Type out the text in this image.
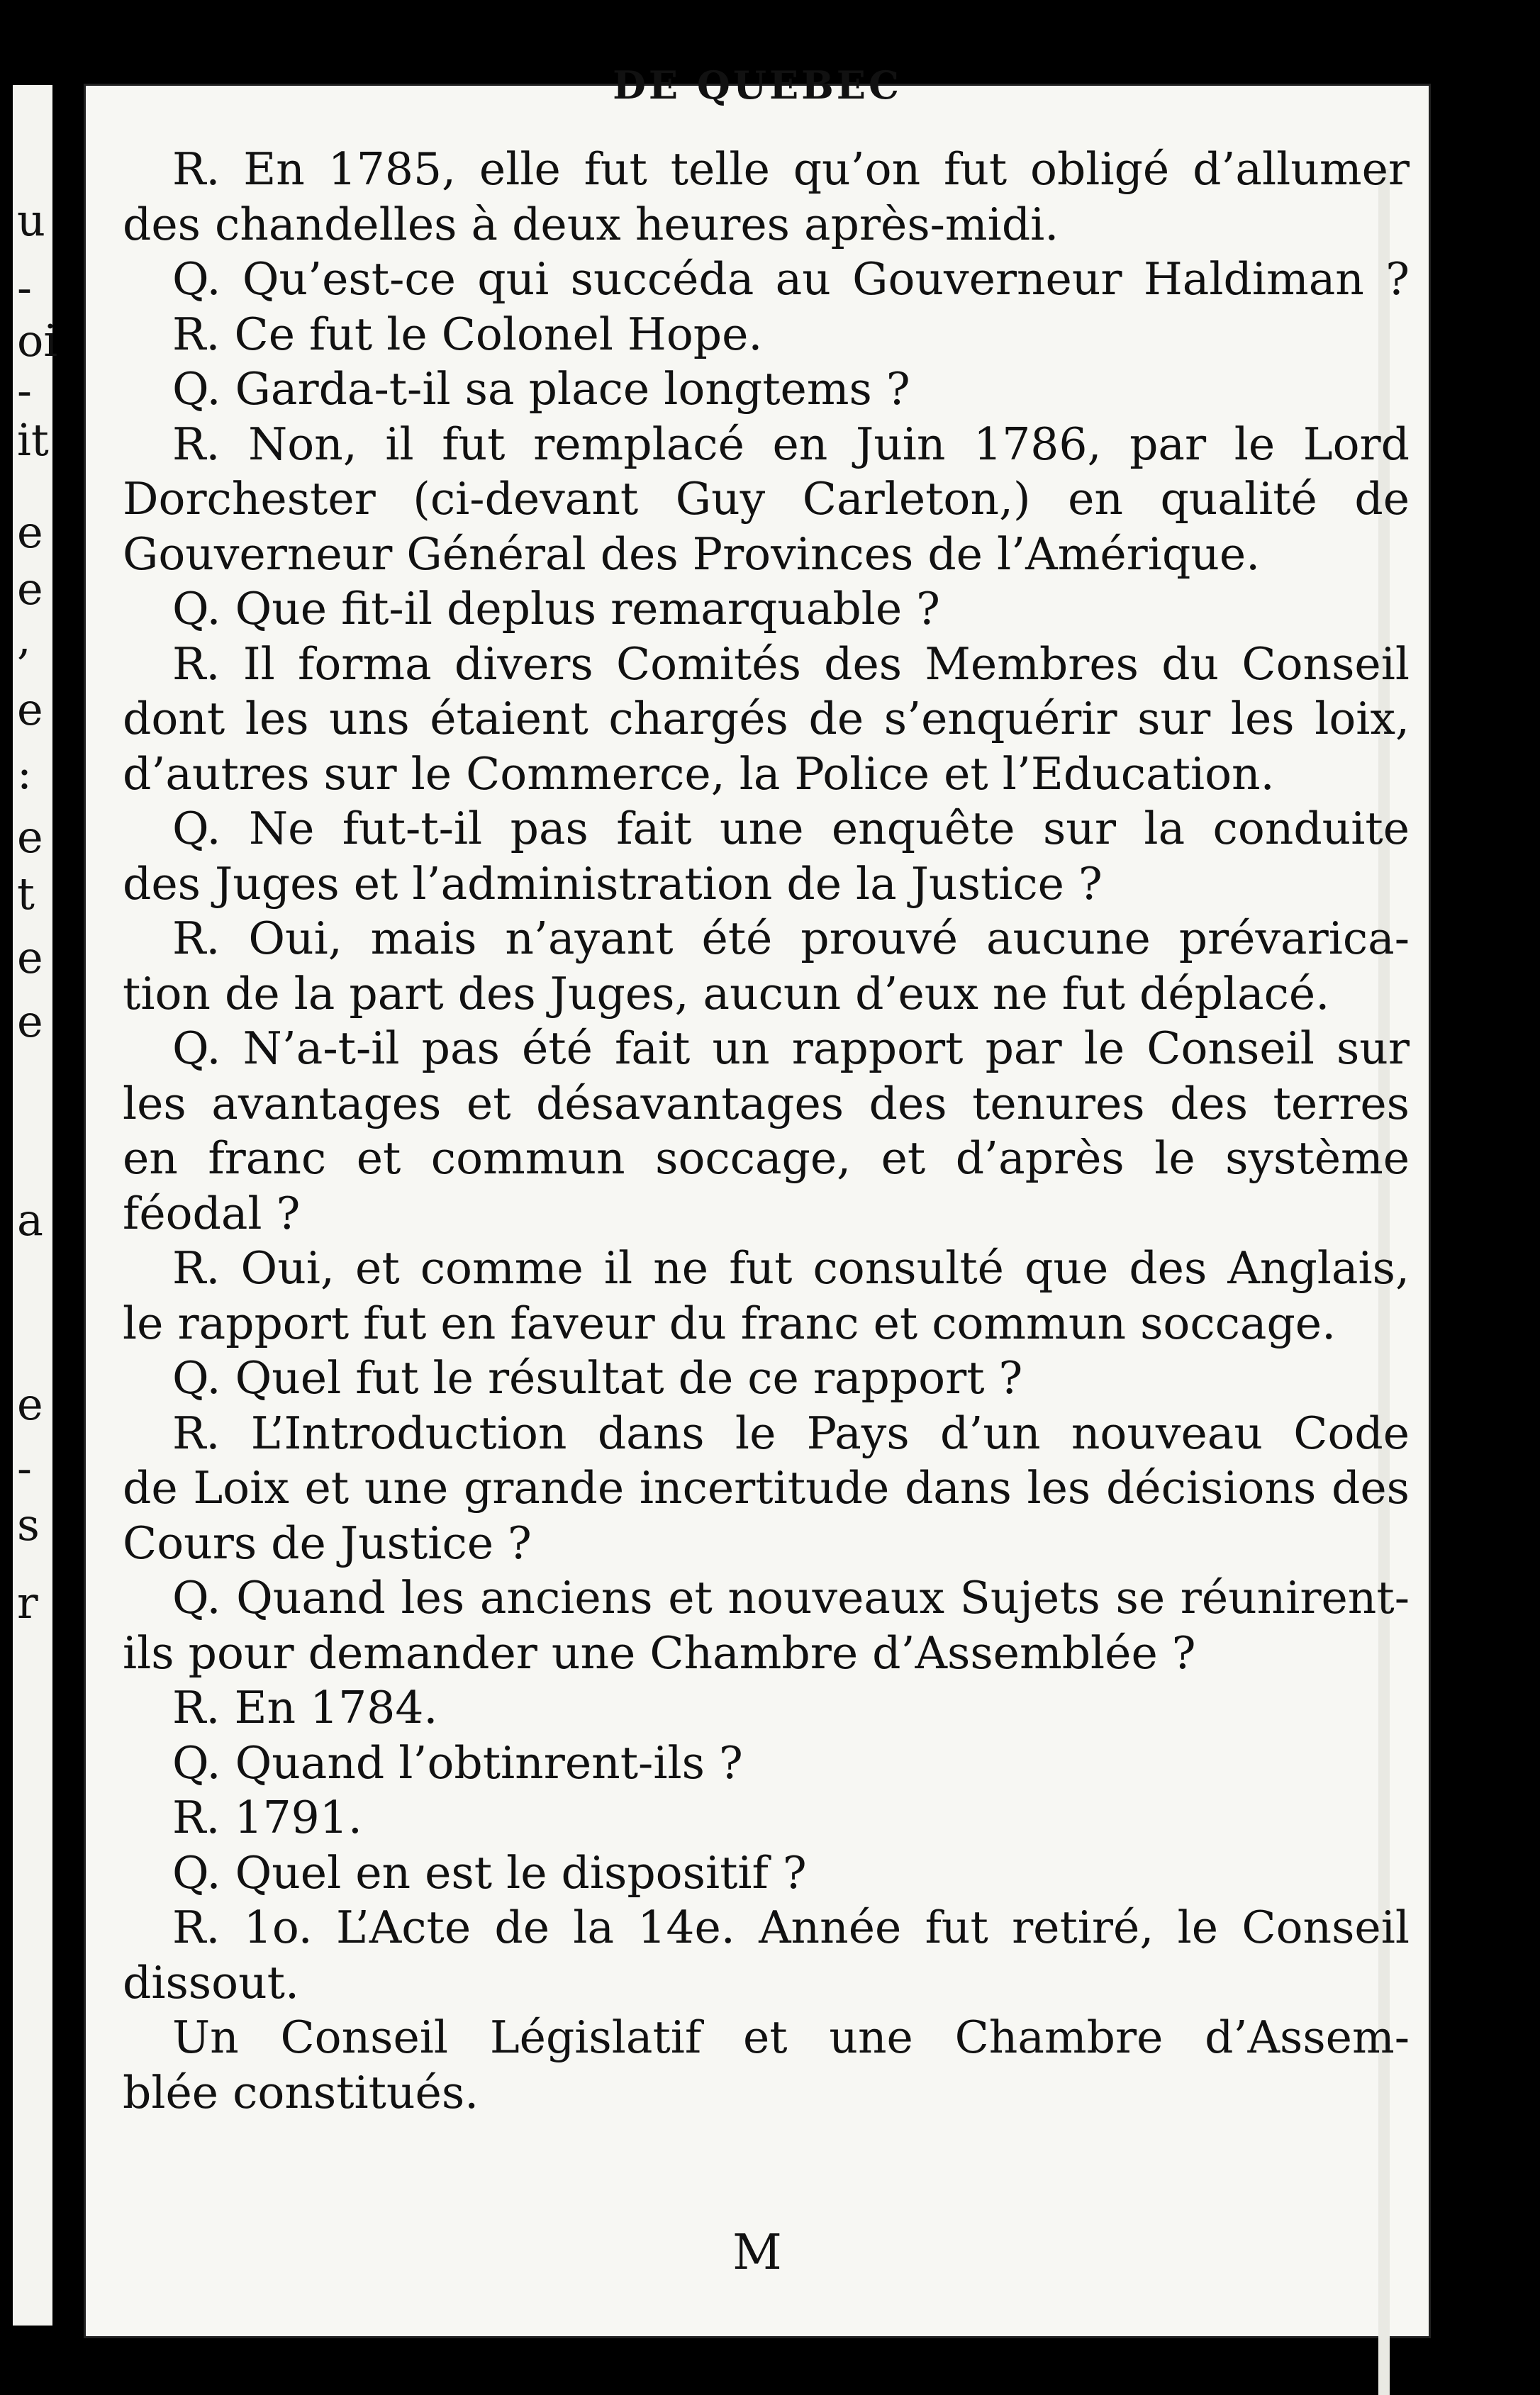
u
-
oi
-
it
e
e
,
e
:
e
t
e
e
a
e
-
s
r
DE QUEBEC
R. En 1785, elle fut telle qu’on fut obligé d’allumer
des chandelles à deux heures après-midi.
Q. Qu’est-ce qui succéda au Gouverneur Haldiman ?
R. Ce fut le Colonel Hope.
Q. Garda-t-il sa place longtems ?
R. Non, il fut remplacé en Juin 1786, par le Lord
Dorchester (ci-devant Guy Carleton,) en qualité de
Gouverneur Général des Provinces de l’Amérique.
Q. Que fit-il deplus remarquable ?
R. Il forma divers Comités des Membres du Conseil
dont les uns étaient chargés de s’enquérir sur les loix,
d’autres sur le Commerce, la Police et l’Education.
Q. Ne fut-t-il pas fait une enquête sur la conduite
des Juges et l’administration de la Justice ?
R. Oui, mais n’ayant été prouvé aucune prévarica-
tion de la part des Juges, aucun d’eux ne fut déplacé.
Q. N’a-t-il pas été fait un rapport par le Conseil sur
les avantages et désavantages des tenures des terres
en franc et commun soccage, et d’après le système
féodal ?
R. Oui, et comme il ne fut consulté que des Anglais,
le rapport fut en faveur du franc et commun soccage.
Q. Quel fut le résultat de ce rapport ?
R. L’Introduction dans le Pays d’un nouveau Code
de Loix et une grande incertitude dans les décisions des
Cours de Justice ?
Q. Quand les anciens et nouveaux Sujets se réunirent-
ils pour demander une Chambre d’Assemblée ?
R. En 1784.
Q. Quand l’obtinrent-ils ?
R. 1791.
Q. Quel en est le dispositif ?
R. 1o. L’Acte de la 14e. Année fut retiré, le Conseil
dissout.
Un Conseil Législatif et une Chambre d’Assem-
blée constitués.
M
